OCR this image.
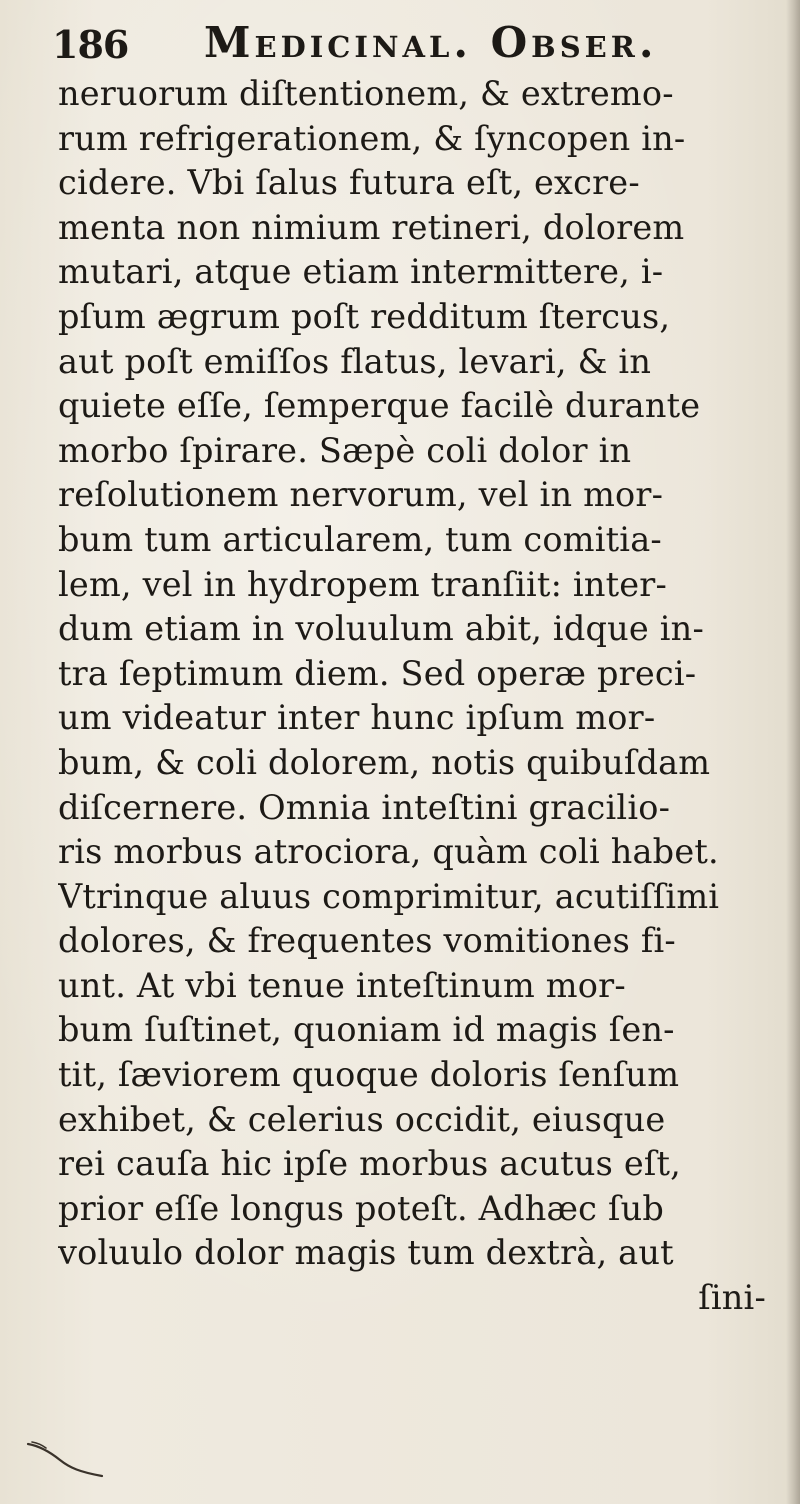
186 Medicinal. Obser.
neruorum diſtentionem, & extremo-
rum refrigerationem, & ſyncopen in-
cidere. Vbi ſalus futura eſt, excre-
menta non nimium retineri, dolorem
mutari, atque etiam intermittere, i-
pſum ægrum poſt redditum ſtercus,
aut poſt emiſſos flatus, levari, & in
quiete eſſe, ſemperque facilè durante
morbo ſpirare. Sæpè coli dolor in
reſolutionem nervorum, vel in mor-
bum tum articularem, tum comitia-
lem, vel in hydropem tranſiit: inter-
dum etiam in voluulum abit, idque in-
tra ſeptimum diem. Sed operæ preci-
um videatur inter hunc ipſum mor-
bum, & coli dolorem, notis quibuſdam
diſcernere. Omnia inteſtini gracilio-
ris morbus atrociora, quàm coli habet.
Vtrinque aluus comprimitur, acutiſſimi
dolores, & frequentes vomitiones fi-
unt. At vbi tenue inteſtinum mor-
bum ſuſtinet, quoniam id magis ſen-
tit, ſæviorem quoque doloris ſenſum
exhibet, & celerius occidit, eiusque
rei cauſa hic ipſe morbus acutus eſt,
prior eſſe longus poteſt. Adhæc ſub
voluulo dolor magis tum dextrà, aut
ſini-
